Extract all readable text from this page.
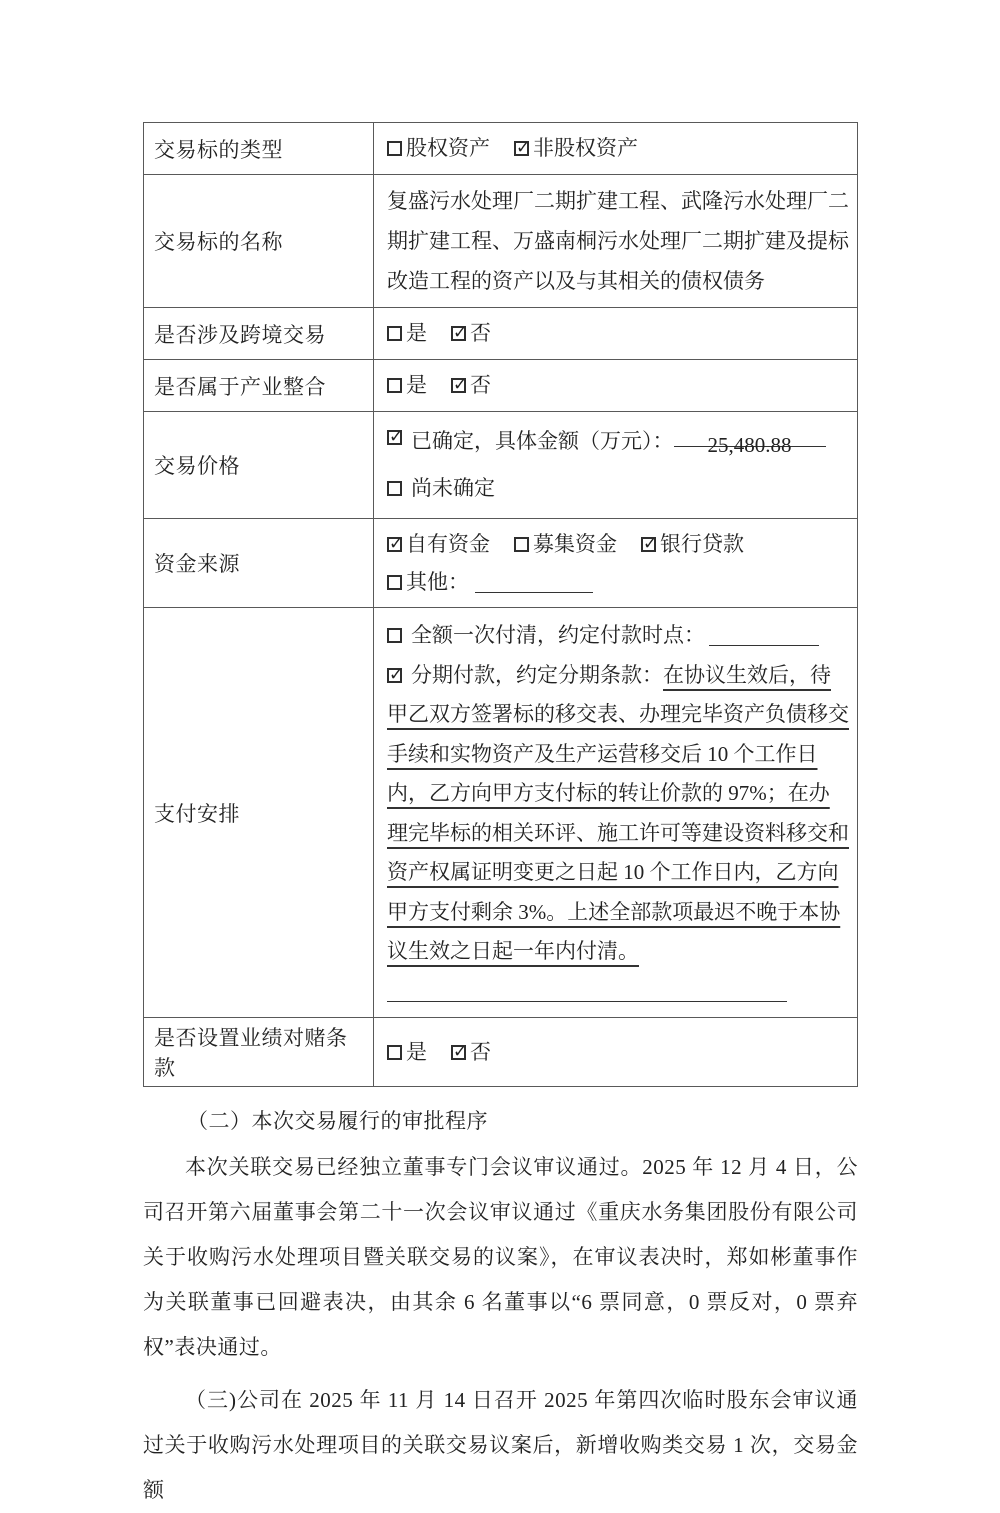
交易标的类型	股权资产 ✓ 非股权资产
交易标的名称	复盛污水处理厂二期扩建工程、武隆污水处理厂二期扩建工程、万盛南桐污水处理厂二期扩建及提标改造工程的资产以及与其相关的债权债务
是否涉及跨境交易	是 ✓ 否
是否属于产业整合	是 ✓ 否
交易价格	✓ 已确定，具体金额（万元）： 25,480.88
尚未确定

资金来源	✓ 自有资金 募集资金 ✓ 银行贷款
其他：

支付安排	全额一次付清，约定付款时点：
✓ 分期付款，约定分期条款：在协议生效后，待甲乙双方签署标的移交表、办理完毕资产负债移交手续和实物资产及生产运营移交后 10 个工作日内，乙方向甲方支付标的转让价款的 97%；在办理完毕标的相关环评、施工许可等建设资料移交和资产权属证明变更之日起 10 个工作日内，乙方向甲方支付剩余 3%。上述全部款项最迟不晚于本协议生效之日起一年内付清。

是否设置业绩对赌条款	是 ✓ 否
（二）本次交易履行的审批程序

本次关联交易已经独立董事专门会议审议通过。2025 年 12 月 4 日，公司召开第六届董事会第二十一次会议审议通过《重庆水务集团股份有限公司关于收购污水处理项目暨关联交易的议案》，在审议表决时，郑如彬董事作为关联董事已回避表决，由其余 6 名董事以“6 票同意，0 票反对，0 票弃权”表决通过。

（三)公司在 2025 年 11 月 14 日召开 2025 年第四次临时股东会审议通过关于收购污水处理项目的关联交易议案后，新增收购类交易 1 次，交易金额
